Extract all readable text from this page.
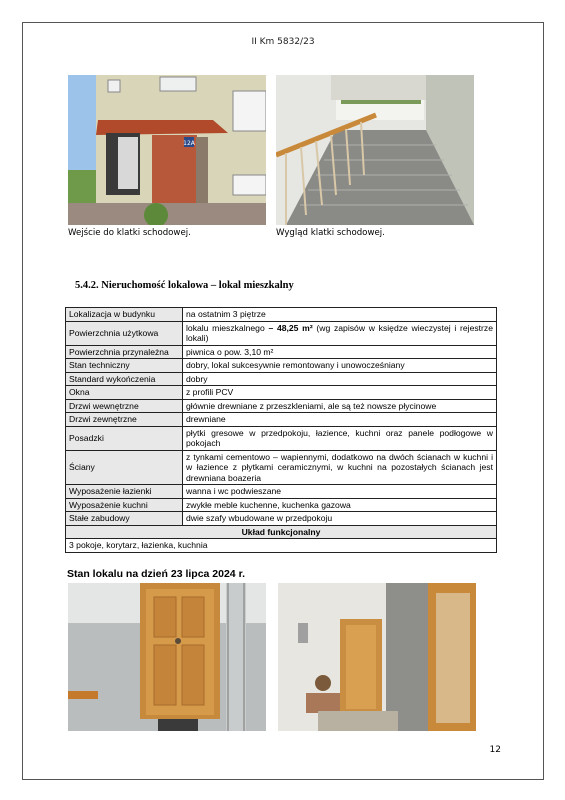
II Km 5832/23
12A
Wejście do klatki schodowej.	Wygląd klatki schodowej.
5.4.2. Nieruchomość lokalowa – lokal mieszkalny
Lokalizacja w budynku	na ostatnim 3 piętrze
Powierzchnia użytkowa	lokalu mieszkalnego – 48,25 m² (wg zapisów w księdze wieczystej i rejestrze lokali)
Powierzchnia przynależna	piwnica o pow. 3,10 m²
Stan techniczny	dobry, lokal sukcesywnie remontowany i unowocześniany
Standard wykończenia	dobry
Okna	z profili PCV
Drzwi wewnętrzne	głównie drewniane z przeszkleniami, ale są też nowsze płycinowe
Drzwi zewnętrzne	drewniane
Posadzki	płytki gresowe w przedpokoju, łazience, kuchni oraz panele podłogowe w pokojach
Ściany	z tynkami cementowo – wapiennymi, dodatkowo na dwóch ścianach w kuchni i w łazience z płytkami ceramicznymi, w kuchni na pozostałych ścianach jest drewniana boazeria
Wyposażenie łazienki	wanna i wc podwieszane
Wyposażenie kuchni	zwykłe meble kuchenne, kuchenka gazowa
Stałe zabudowy	dwie szafy wbudowane w przedpokoju
Układ funkcjonalny	
3 pokoje, korytarz, łazienka, kuchnia	
Stan lokalu na dzień 23 lipca 2024 r.
12
